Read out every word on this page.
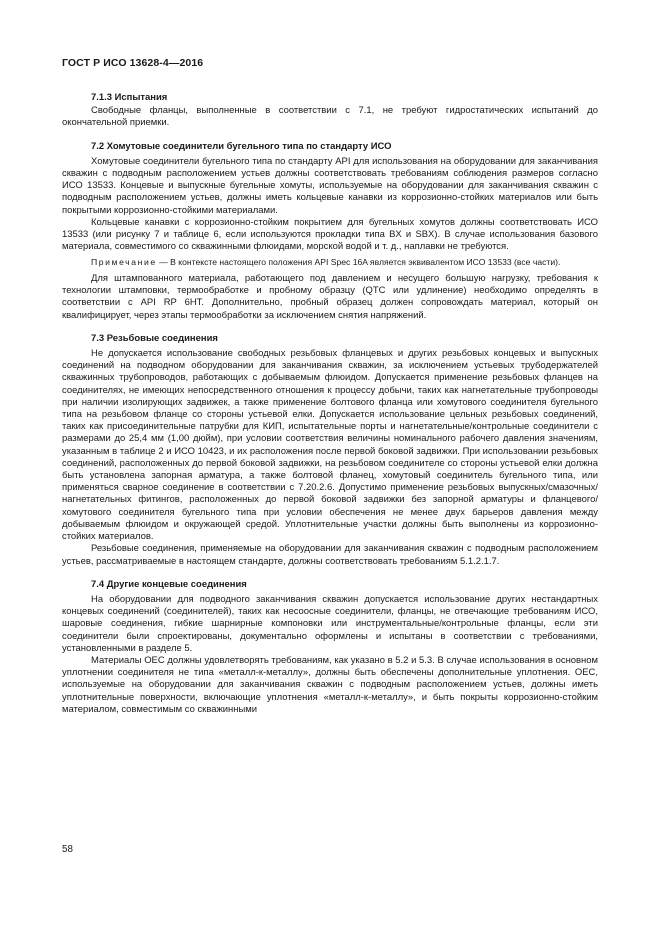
ГОСТ Р ИСО 13628-4—2016
7.1.3 Испытания

Свободные фланцы, выполненные в соответствии с 7.1, не требуют гидростатических испытаний до окончательной приемки.

7.2 Хомутовые соединители бугельного типа по стандарту ИСО

Хомутовые соединители бугельного типа по стандарту API для использования на оборудовании для заканчивания скважин с подводным расположением устьев должны соответствовать требованиям соблюдения размеров согласно ИСО 13533. Концевые и выпускные бугельные хомуты, используемые на оборудовании для заканчивания скважин с подводным расположением устьев, должны иметь кольцевые канавки из коррозионно-стойких материалов или быть покрытыми коррозионно-стойкими материалами.

Кольцевые канавки с коррозионно-стойким покрытием для бугельных хомутов должны соответствовать ИСО 13533 (или рисунку 7 и таблице 6, если используются прокладки типа BX и SBX). В случае использования базового материала, совместимого со скважинными флюидами, морской водой и т. д., наплавки не требуются.

Примечание — В контексте настоящего положения API Spec 16A является эквивалентом ИСО 13533 (все части).

Для штампованного материала, работающего под давлением и несущего большую нагрузку, требования к технологии штамповки, термообработке и пробному образцу (QTC или удлинение) необходимо определять в соответствии с API RP 6HT. Дополнительно, пробный образец должен сопровождать материал, который он квалифицирует, через этапы термообработки за исключением снятия напряжений.

7.3 Резьбовые соединения

Не допускается использование свободных резьбовых фланцевых и других резьбовых концевых и выпускных соединений на подводном оборудовании для заканчивания скважин, за исключением устьевых трубодержателей скважинных трубопроводов, работающих с добываемым флюидом. Допускается применение резьбовых фланцев на соединителях, не имеющих непосредственного отношения к процессу добычи, таких как нагнетательные трубопроводы при наличии изолирующих задвижек, а также применение болтового фланца или хомутового соединителя бугельного типа на резьбовом фланце со стороны устьевой елки. Допускается использование цельных резьбовых соединений, таких как присоединительные патрубки для КИП, испытательные порты и нагнетательные/контрольные соединители с размерами до 25,4 мм (1,00 дюйм), при условии соответствия величины номинального рабочего давления значениям, указанным в таблице 2 и ИСО 10423, и их расположения после первой боковой задвижки. При использовании резьбовых соединений, расположенных до первой боковой задвижки, на резьбовом соединителе со стороны устьевой елки должна быть установлена запорная арматура, а также болтовой фланец, хомутовый соединитель бугельного типа, или применяться сварное соединение в соответствии с 7.20.2.6. Допустимо применение резьбовых выпускных/смазочных/нагнетательных фитингов, расположенных до первой боковой задвижки без запорной арматуры и фланцевого/хомутового соединителя бугельного типа при условии обеспечения не менее двух барьеров давления между добываемым флюидом и окружающей средой. Уплотнительные участки должны быть выполнены из коррозионно-стойких материалов.

Резьбовые соединения, применяемые на оборудовании для заканчивания скважин с подводным расположением устьев, рассматриваемые в настоящем стандарте, должны соответствовать требованиям 5.1.2.1.7.

7.4 Другие концевые соединения

На оборудовании для подводного заканчивания скважин допускается использование других нестандартных концевых соединений (соединителей), таких как несоосные соединители, фланцы, не отвечающие требованиям ИСО, шаровые соединения, гибкие шарнирные компоновки или инструментальные/контрольные фланцы, если эти соединители были спроектированы, документально оформлены и испытаны в соответствии с требованиями, установленными в разделе 5.

Материалы ОЕС должны удовлетворять требованиям, как указано в 5.2 и 5.3. В случае использования в основном уплотнении соединителя не типа «металл-к-металлу», должны быть обеспечены дополнительные уплотнения. ОЕС, используемые на оборудовании для заканчивания скважин с подводным расположением устьев, должны иметь уплотнительные поверхности, включающие уплотнения «металл-к-металлу», и быть покрыты коррозионно-стойким материалом, совместимым со скважинными

58
